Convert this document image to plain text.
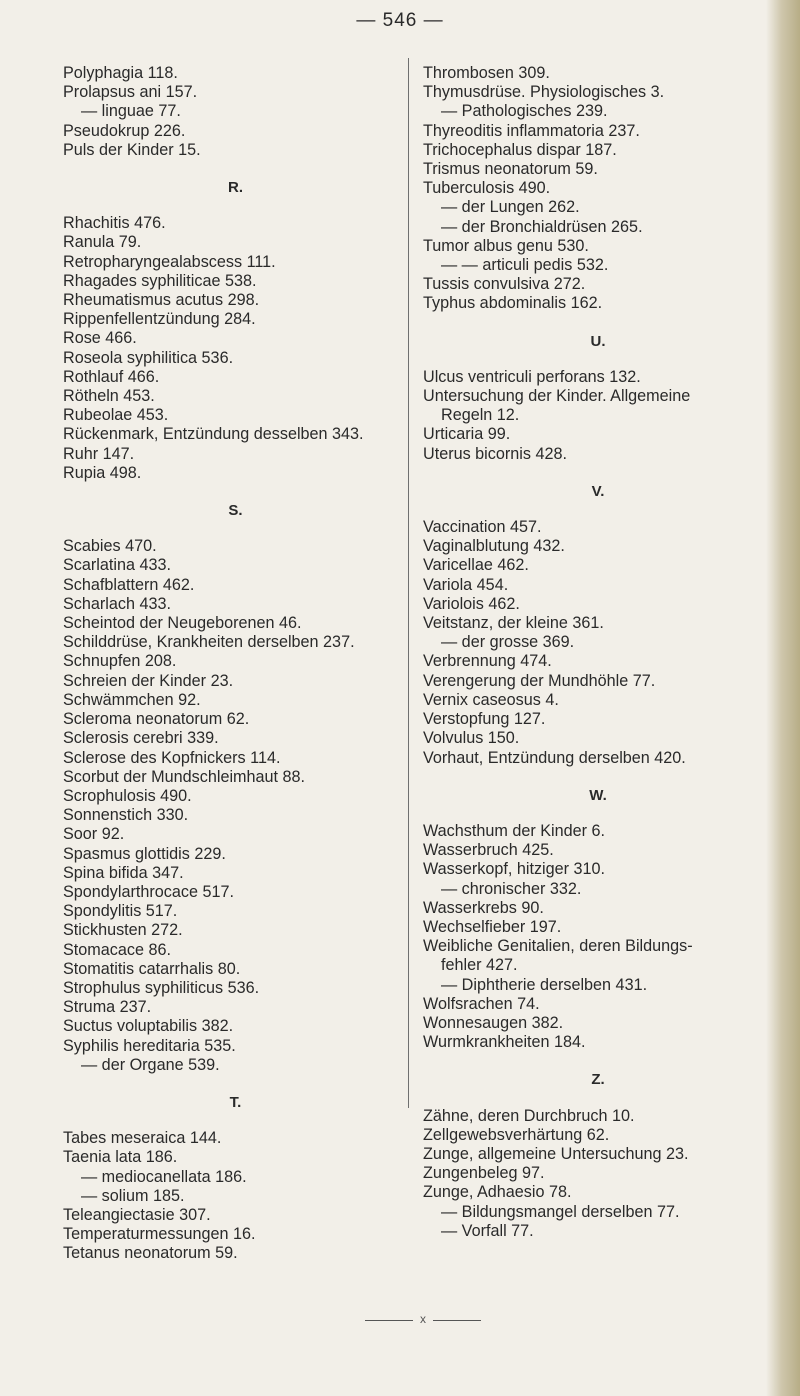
— 546 —
Polyphagia 118.
Prolapsus ani 157.
— linguae 77.
Pseudokrup 226.
Puls der Kinder 15.
R.
Rhachitis 476.
Ranula 79.
Retropharyngealabscess 111.
Rhagades syphiliticae 538.
Rheumatismus acutus 298.
Rippenfellentzündung 284.
Rose 466.
Roseola syphilitica 536.
Rothlauf 466.
Rötheln 453.
Rubeolae 453.
Rückenmark, Entzündung desselben 343.
Ruhr 147.
Rupia 498.
S.
Scabies 470.
Scarlatina 433.
Schafblattern 462.
Scharlach 433.
Scheintod der Neugeborenen 46.
Schilddrüse, Krankheiten derselben 237.
Schnupfen 208.
Schreien der Kinder 23.
Schwämmchen 92.
Scleroma neonatorum 62.
Sclerosis cerebri 339.
Sclerose des Kopfnickers 114.
Scorbut der Mundschleimhaut 88.
Scrophulosis 490.
Sonnenstich 330.
Soor 92.
Spasmus glottidis 229.
Spina bifida 347.
Spondylarthrocace 517.
Spondylitis 517.
Stickhusten 272.
Stomacace 86.
Stomatitis catarrhalis 80.
Strophulus syphiliticus 536.
Struma 237.
Suctus voluptabilis 382.
Syphilis hereditaria 535.
— der Organe 539.
T.
Tabes meseraica 144.
Taenia lata 186.
— mediocanellata 186.
— solium 185.
Teleangiectasie 307.
Temperaturmessungen 16.
Tetanus neonatorum 59.
Thrombosen 309.
Thymusdrüse. Physiologisches 3.
— Pathologisches 239.
Thyreoditis inflammatoria 237.
Trichocephalus dispar 187.
Trismus neonatorum 59.
Tuberculosis 490.
— der Lungen 262.
— der Bronchialdrüsen 265.
Tumor albus genu 530.
— — articuli pedis 532.
Tussis convulsiva 272.
Typhus abdominalis 162.
U.
Ulcus ventriculi perforans 132.
Untersuchung der Kinder. Allgemeine
Regeln 12.
Urticaria 99.
Uterus bicornis 428.
V.
Vaccination 457.
Vaginalblutung 432.
Varicellae 462.
Variola 454.
Variolois 462.
Veitstanz, der kleine 361.
— der grosse 369.
Verbrennung 474.
Verengerung der Mundhöhle 77.
Vernix caseosus 4.
Verstopfung 127.
Volvulus 150.
Vorhaut, Entzündung derselben 420.
W.
Wachsthum der Kinder 6.
Wasserbruch 425.
Wasserkopf, hitziger 310.
— chronischer 332.
Wasserkrebs 90.
Wechselfieber 197.
Weibliche Genitalien, deren Bildungs-
fehler 427.
— Diphtherie derselben 431.
Wolfsrachen 74.
Wonnesaugen 382.
Wurmkrankheiten 184.
Z.
Zähne, deren Durchbruch 10.
Zellgewebsverhärtung 62.
Zunge, allgemeine Untersuchung 23.
Zungenbeleg 97.
Zunge, Adhaesio 78.
— Bildungsmangel derselben 77.
— Vorfall 77.
x
